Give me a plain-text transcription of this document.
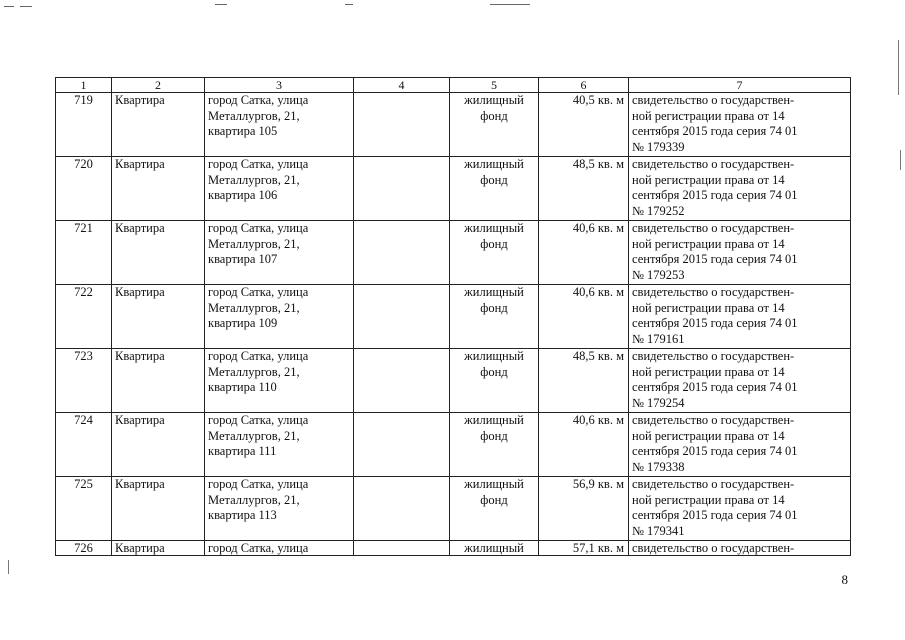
1	2	3	4	5	6	7
719	Квартира	город Сатка, улица
Металлургов, 21,
квартира 105		жилищный
фонд	40,5 кв. м	свидетельство о государствен-
ной регистрации права от 14
сентября 2015 года серия 74 01
№ 179339

720	Квартира	город Сатка, улица
Металлургов, 21,
квартира 106		жилищный
фонд	48,5 кв. м	свидетельство о государствен-
ной регистрации права от 14
сентября 2015 года серия 74 01
№ 179252

721	Квартира	город Сатка, улица
Металлургов, 21,
квартира 107		жилищный
фонд	40,6 кв. м	свидетельство о государствен-
ной регистрации права от 14
сентября 2015 года серия 74 01
№ 179253

722	Квартира	город Сатка, улица
Металлургов, 21,
квартира 109		жилищный
фонд	40,6 кв. м	свидетельство о государствен-
ной регистрации права от 14
сентября 2015 года серия 74 01
№ 179161

723	Квартира	город Сатка, улица
Металлургов, 21,
квартира 110		жилищный
фонд	48,5 кв. м	свидетельство о государствен-
ной регистрации права от 14
сентября 2015 года серия 74 01
№ 179254

724	Квартира	город Сатка, улица
Металлургов, 21,
квартира 111		жилищный
фонд	40,6 кв. м	свидетельство о государствен-
ной регистрации права от 14
сентября 2015 года серия 74 01
№ 179338

725	Квартира	город Сатка, улица
Металлургов, 21,
квартира 113		жилищный
фонд	56,9 кв. м	свидетельство о государствен-
ной регистрации права от 14
сентября 2015 года серия 74 01
№ 179341

726	Квартира	город Сатка, улица		жилищный	57,1 кв. м	свидетельство о государствен-
8
